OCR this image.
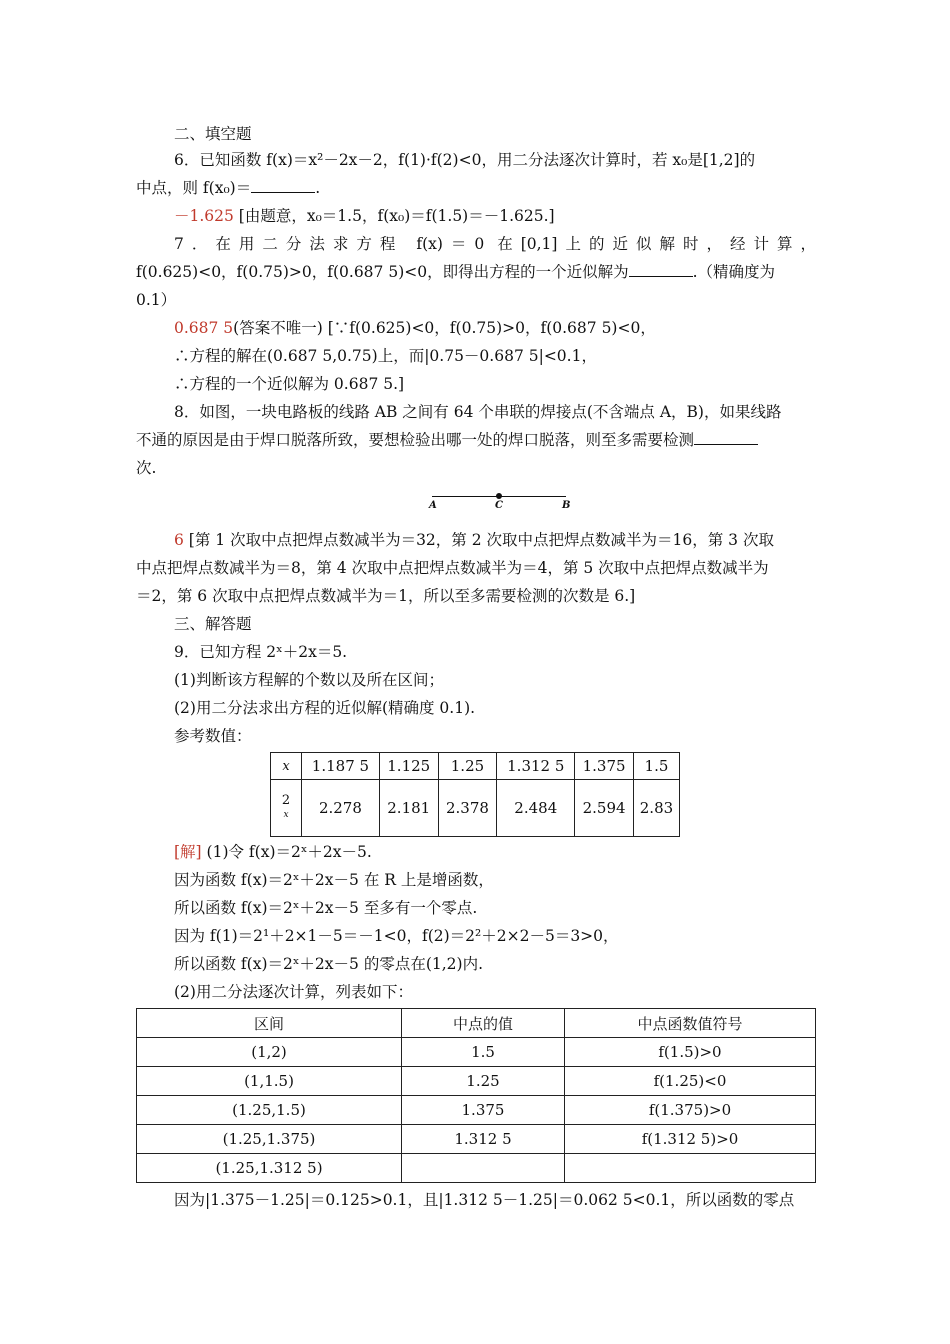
二、填空题
6．已知函数 f(x)＝x²－2x－2，f(1)·f(2)<0，用二分法逐次计算时，若 x₀是[1,2]的
中点，则 f(x₀)＝	.
－1.625 [由题意，x₀＝1.5，f(x₀)＝f(1.5)＝－1.625.]
7．在用二分法求方程 f(x)＝0 在[0,1]上的近似解时，经计算，
f(0.625)<0，f(0.75)>0，f(0.687 5)<0，即得出方程的一个近似解为	.（精确度为
0.1）
0.687 5(答案不唯一) [∵f(0.625)<0，f(0.75)>0，f(0.687 5)<0，
∴方程的解在(0.687 5,0.75)上，而|0.75－0.687 5|<0.1，
∴方程的一个近似解为 0.687 5.]
8．如图，一块电路板的线路 AB 之间有 64 个串联的焊接点(不含端点 A，B)，如果线路
不通的原因是由于焊口脱落所致，要想检验出哪一处的焊口脱落，则至多需要检测
次.
A	C	B
6 [第 1 次取中点把焊点数减半为＝32，第 2 次取中点把焊点数减半为＝16，第 3 次取
中点把焊点数减半为＝8，第 4 次取中点把焊点数减半为＝4，第 5 次取中点把焊点数减半为
＝2，第 6 次取中点把焊点数减半为＝1，所以至多需要检测的次数是 6.]
三、解答题
9．已知方程 2ˣ＋2x＝5.
(1)判断该方程解的个数以及所在区间；
(2)用二分法求出方程的近似解(精确度 0.1).
参考数值：
x	1.187 5	1.125	1.25	1.312 5	1.375	1.5

2
x	2.278	2.181	2.378	2.484	2.594	2.83
[解] (1)令 f(x)＝2ˣ＋2x－5.
因为函数 f(x)＝2ˣ＋2x－5 在 R 上是增函数，
所以函数 f(x)＝2ˣ＋2x－5 至多有一个零点.
因为 f(1)＝2¹＋2×1－5＝－1<0，f(2)＝2²＋2×2－5＝3>0，
所以函数 f(x)＝2ˣ＋2x－5 的零点在(1,2)内.
(2)用二分法逐次计算，列表如下：
区间	中点的值	中点函数值符号
(1,2)	1.5	f(1.5)>0
(1,1.5)	1.25	f(1.25)<0
(1.25,1.5)	1.375	f(1.375)>0
(1.25,1.375)	1.312 5	f(1.312 5)>0
(1.25,1.312 5)		
因为|1.375－1.25|＝0.125>0.1，且|1.312 5－1.25|＝0.062 5<0.1，所以函数的零点
